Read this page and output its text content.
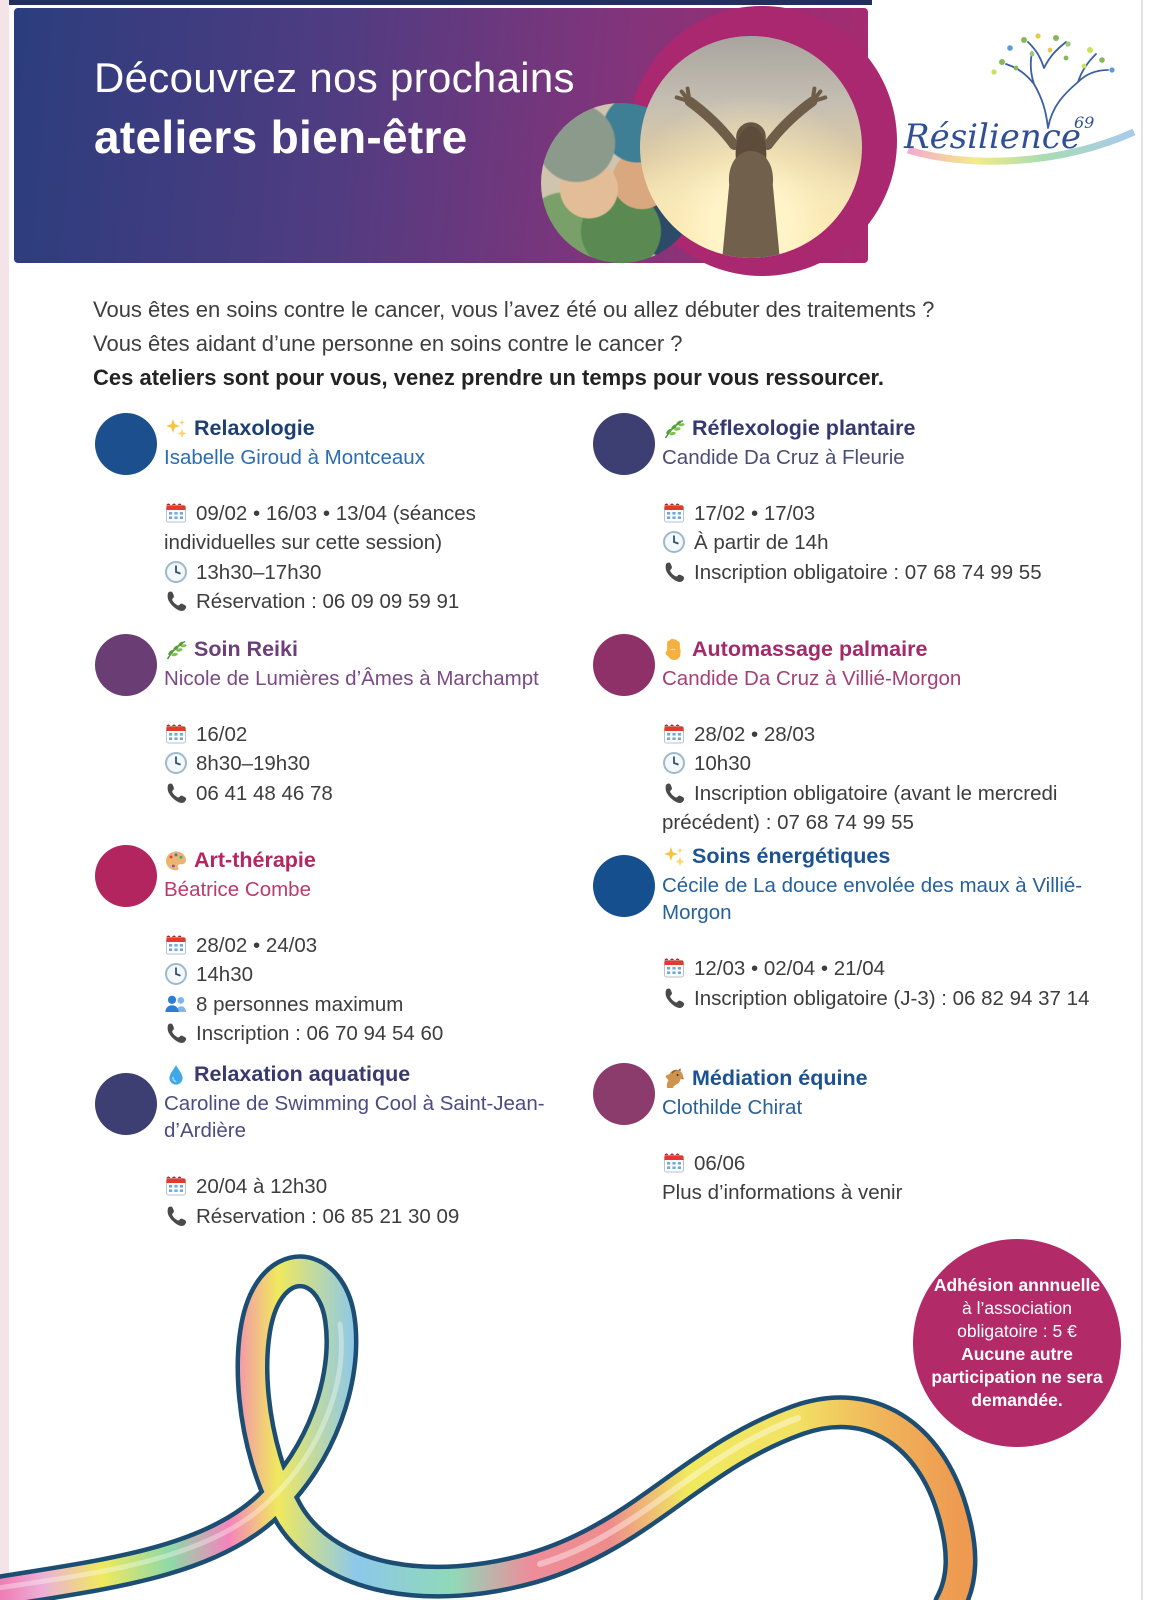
Découvrez nos prochains
ateliers bien-être	Résilience
69
Vous êtes en soins contre le cancer, vous l’avez été ou allez débuter des traitements ?
Vous êtes aidant d’une personne en soins contre le cancer ?
Ces ateliers sont pour vous, venez prendre un temps pour vous ressourcer.
Relaxologie
Isabelle Giroud à Montceaux
09/02 • 16/03 • 13/04 (séances individuelles sur cette session)
13h30–17h30
Réservation : 06 09 09 59 91
Réflexologie plantaire
Candide Da Cruz à Fleurie
17/02 • 17/03
À partir de 14h
Inscription obligatoire : 07 68 74 99 55
Soin Reiki
Nicole de Lumières d’Âmes à Marchampt
16/02
8h30–19h30
06 41 48 46 78
Automassage palmaire
Candide Da Cruz à Villié-Morgon
28/02 • 28/03
10h30
Inscription obligatoire (avant le mercredi précédent) : 07 68 74 99 55
Art-thérapie
Béatrice Combe
28/02 • 24/03
14h30
8 personnes maximum
Inscription : 06 70 94 54 60
Soins énergétiques
Cécile de La douce envolée des maux à Villié-Morgon
12/03 • 02/04 • 21/04
Inscription obligatoire (J-3) : 06 82 94 37 14
Relaxation aquatique
Caroline de Swimming Cool à Saint-Jean-d’Ardière
20/04 à 12h30
Réservation : 06 85 21 30 09
Médiation équine
Clothilde Chirat
06/06
Plus d’informations à venir
Adhésion annnuelle
à l’association
obligatoire : 5 €
Aucune autre
participation ne sera
demandée.
